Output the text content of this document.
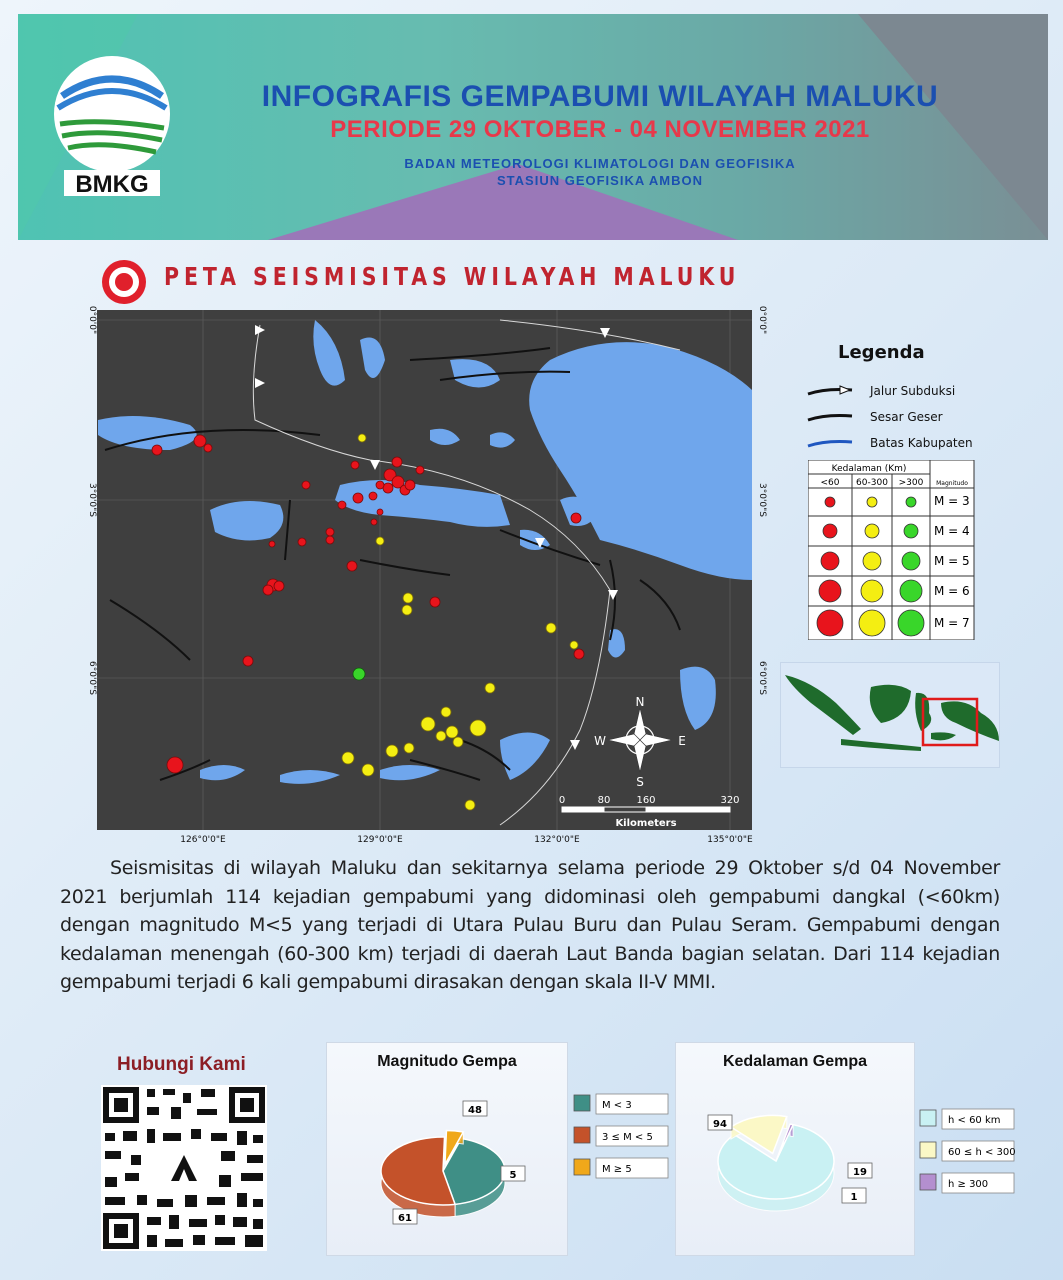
BMKG
INFOGRAFIS GEMPABUMI WILAYAH MALUKU
PERIODE 29 OKTOBER - 04 NOVEMBER 2021
BADAN METEOROLOGI KLIMATOLOGI DAN GEOFISIKA
STASIUN GEOFISIKA AMBON
PETA SEISMISITAS WILAYAH MALUKU
N
S
E
W
0	80	160	320
Kilometers
126°0'0"E	129°0'0"E	132°0'0"E	135°0'0"E
0°0'0"
3°0'0"S
6°0'0"S
0°0'0"
3°0'0"S
6°0'0"S
Legenda
Jalur Subduksi
Sesar Geser
Batas Kabupaten
Kedalaman (Km)
<60 60-300 >300 Magnitudo
M = 3
M = 4
M = 5
M = 6
M = 7
Seismisitas di wilayah Maluku dan sekitarnya selama periode 29 Oktober s/d 04 November 2021 berjumlah 114 kejadian gempabumi yang didominasi oleh gempabumi dangkal (<60km) dengan magnitudo M<5 yang terjadi di Utara Pulau Buru dan Pulau Seram. Gempabumi dengan kedalaman menengah (60-300 km) terjadi di daerah Laut Banda bagian selatan. Dari 114 kejadian gempabumi terjadi 6 kali gempabumi dirasakan dengan skala II-V MMI.
Hubungi Kami	Magnitudo Gempa
48
61
5
Kedalaman Gempa
94
19
1
M < 3
3 ≤ M < 5
M ≥ 5
h < 60 km
60 ≤ h < 300
h ≥ 300
